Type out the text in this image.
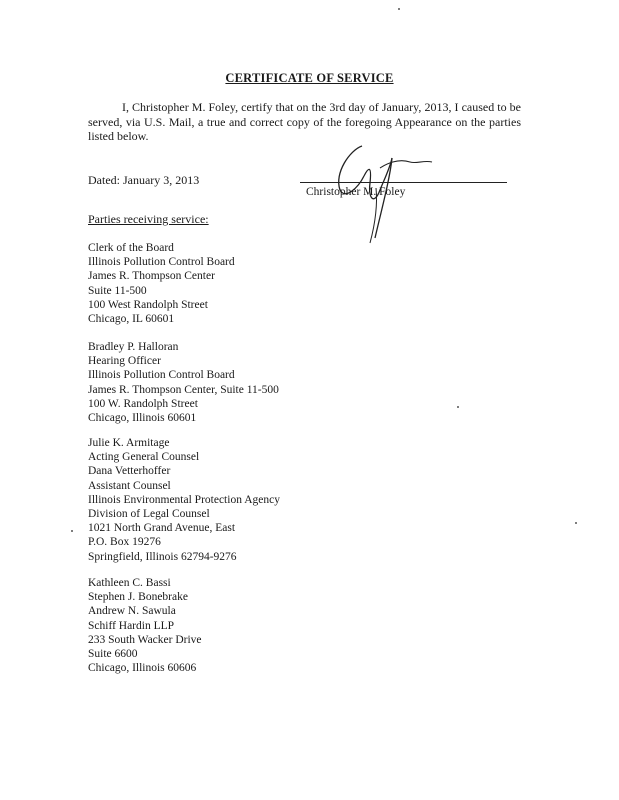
CERTIFICATE OF SERVICE
I, Christopher M. Foley, certify that on the 3rd day of January, 2013, I caused to be served, via U.S. Mail, a true and correct copy of the foregoing Appearance on the parties listed below.
Dated: January 3, 2013
Christopher M. Foley
Parties receiving service:
Clerk of the Board
Illinois Pollution Control Board
James R. Thompson Center
Suite 11-500
100 West Randolph Street
Chicago, IL 60601
Bradley P. Halloran
Hearing Officer
Illinois Pollution Control Board
James R. Thompson Center, Suite 11-500
100 W. Randolph Street
Chicago, Illinois 60601
Julie K. Armitage
Acting General Counsel
Dana Vetterhoffer
Assistant Counsel
Illinois Environmental Protection Agency
Division of Legal Counsel
1021 North Grand Avenue, East
P.O. Box 19276
Springfield, Illinois 62794-9276
Kathleen C. Bassi
Stephen J. Bonebrake
Andrew N. Sawula
Schiff Hardin LLP
233 South Wacker Drive
Suite 6600
Chicago, Illinois 60606
